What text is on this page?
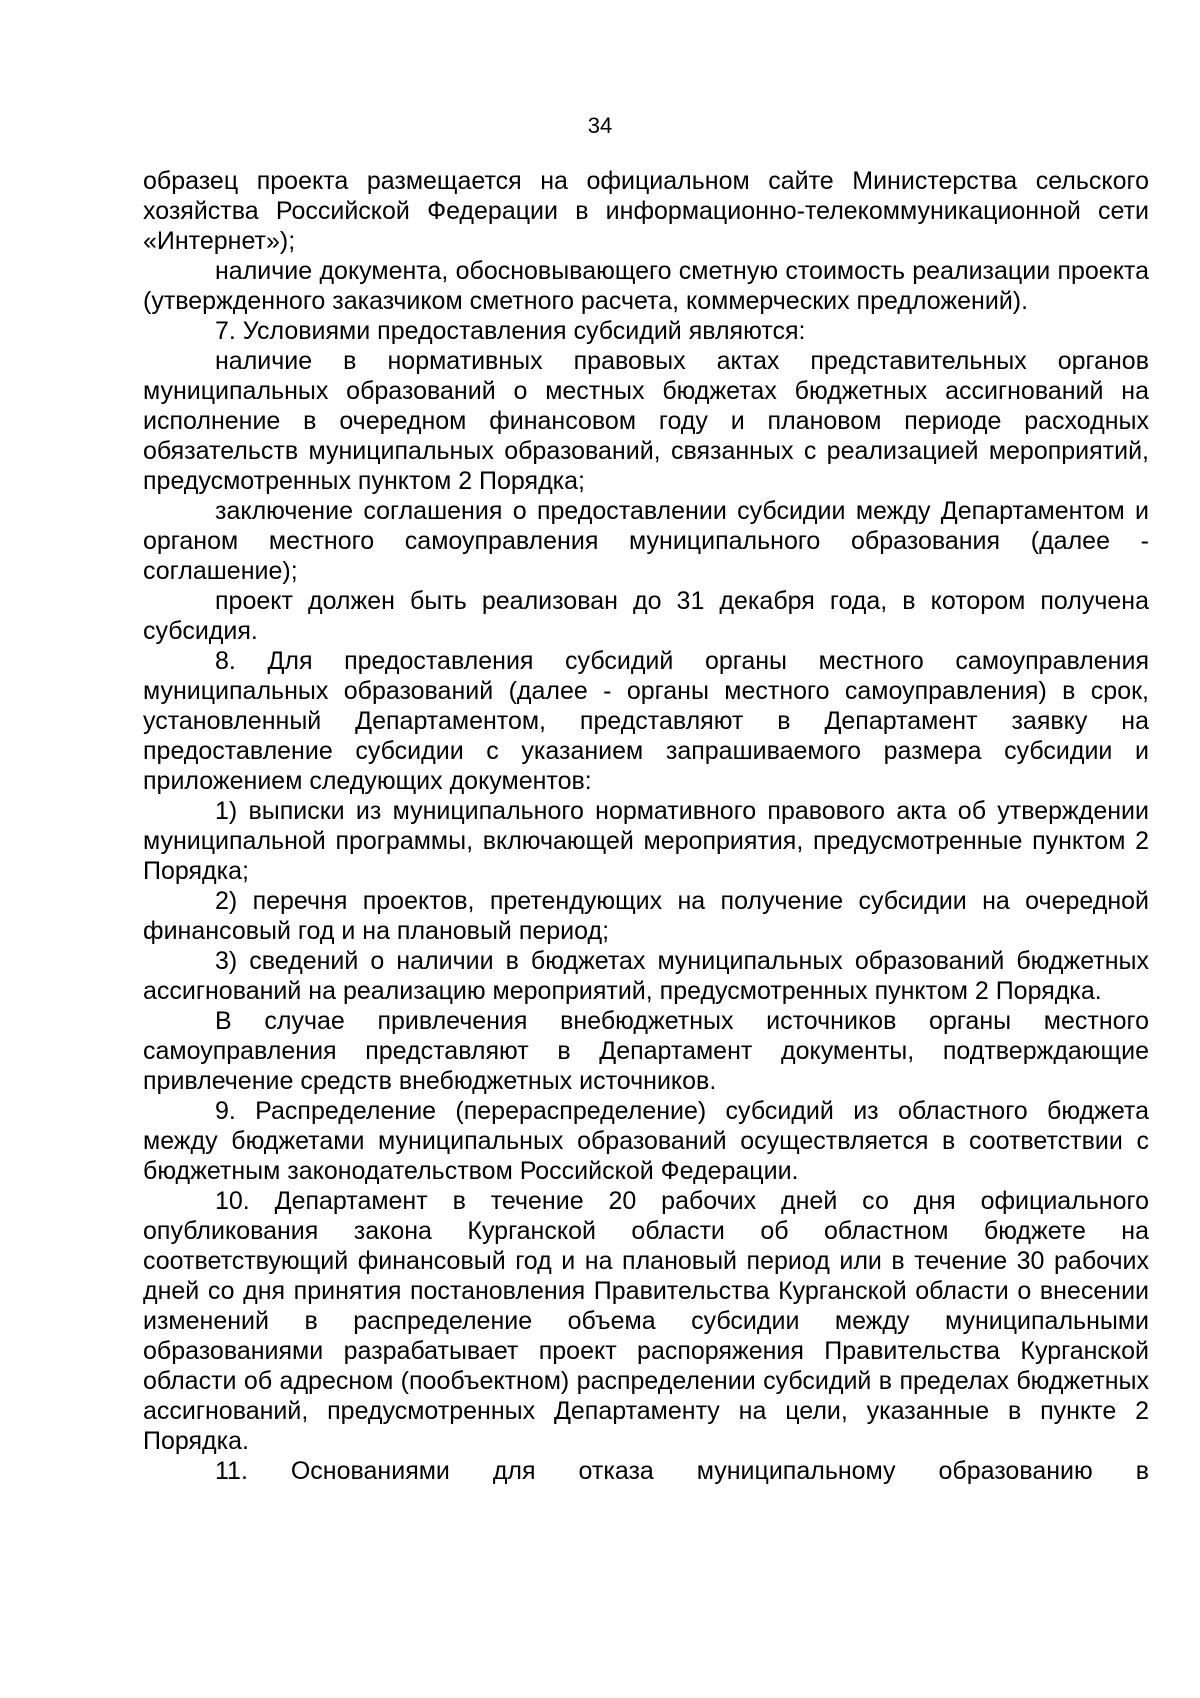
34

образец проекта размещается на официальном сайте Министерства сельского хозяйства Российской Федерации в информационно-телекоммуникационной сети «Интернет»);

наличие документа, обосновывающего сметную стоимость реализации проекта (утвержденного заказчиком сметного расчета, коммерческих предложений).

7. Условиями предоставления субсидий являются:

наличие в нормативных правовых актах представительных органов муниципальных образований о местных бюджетах бюджетных ассигнований на исполнение в очередном финансовом году и плановом периоде расходных обязательств муниципальных образований, связанных с реализацией мероприятий, предусмотренных пунктом 2 Порядка;

заключение соглашения о предоставлении субсидии между Департаментом и органом местного самоуправления муниципального образования (далее - соглашение);

проект должен быть реализован до 31 декабря года, в котором получена субсидия.

8. Для предоставления субсидий органы местного самоуправления муниципальных образований (далее - органы местного самоуправления) в срок, установленный Департаментом, представляют в Департамент заявку на предоставление субсидии с указанием запрашиваемого размера субсидии и приложением следующих документов:

1) выписки из муниципального нормативного правового акта об утверждении муниципальной программы, включающей мероприятия, предусмотренные пунктом 2 Порядка;

2) перечня проектов, претендующих на получение субсидии на очередной финансовый год и на плановый период;

3) сведений о наличии в бюджетах муниципальных образований бюджетных ассигнований на реализацию мероприятий, предусмотренных пунктом 2 Порядка.

В случае привлечения внебюджетных источников органы местного самоуправления представляют в Департамент документы, подтверждающие привлечение средств внебюджетных источников.

9. Распределение (перераспределение) субсидий из областного бюджета между бюджетами муниципальных образований осуществляется в соответствии с бюджетным законодательством Российской Федерации.

10. Департамент в течение 20 рабочих дней со дня официального опубликования закона Курганской области об областном бюджете на соответствующий финансовый год и на плановый период или в течение 30 рабочих дней со дня принятия постановления Правительства Курганской области о внесении изменений в распределение объема субсидии между муниципальными образованиями разрабатывает проект распоряжения Правительства Курганской области об адресном (пообъектном) распределении субсидий в пределах бюджетных ассигнований, предусмотренных Департаменту на цели, указанные в пункте 2 Порядка.

11. Основаниями для отказа муниципальному образованию в
